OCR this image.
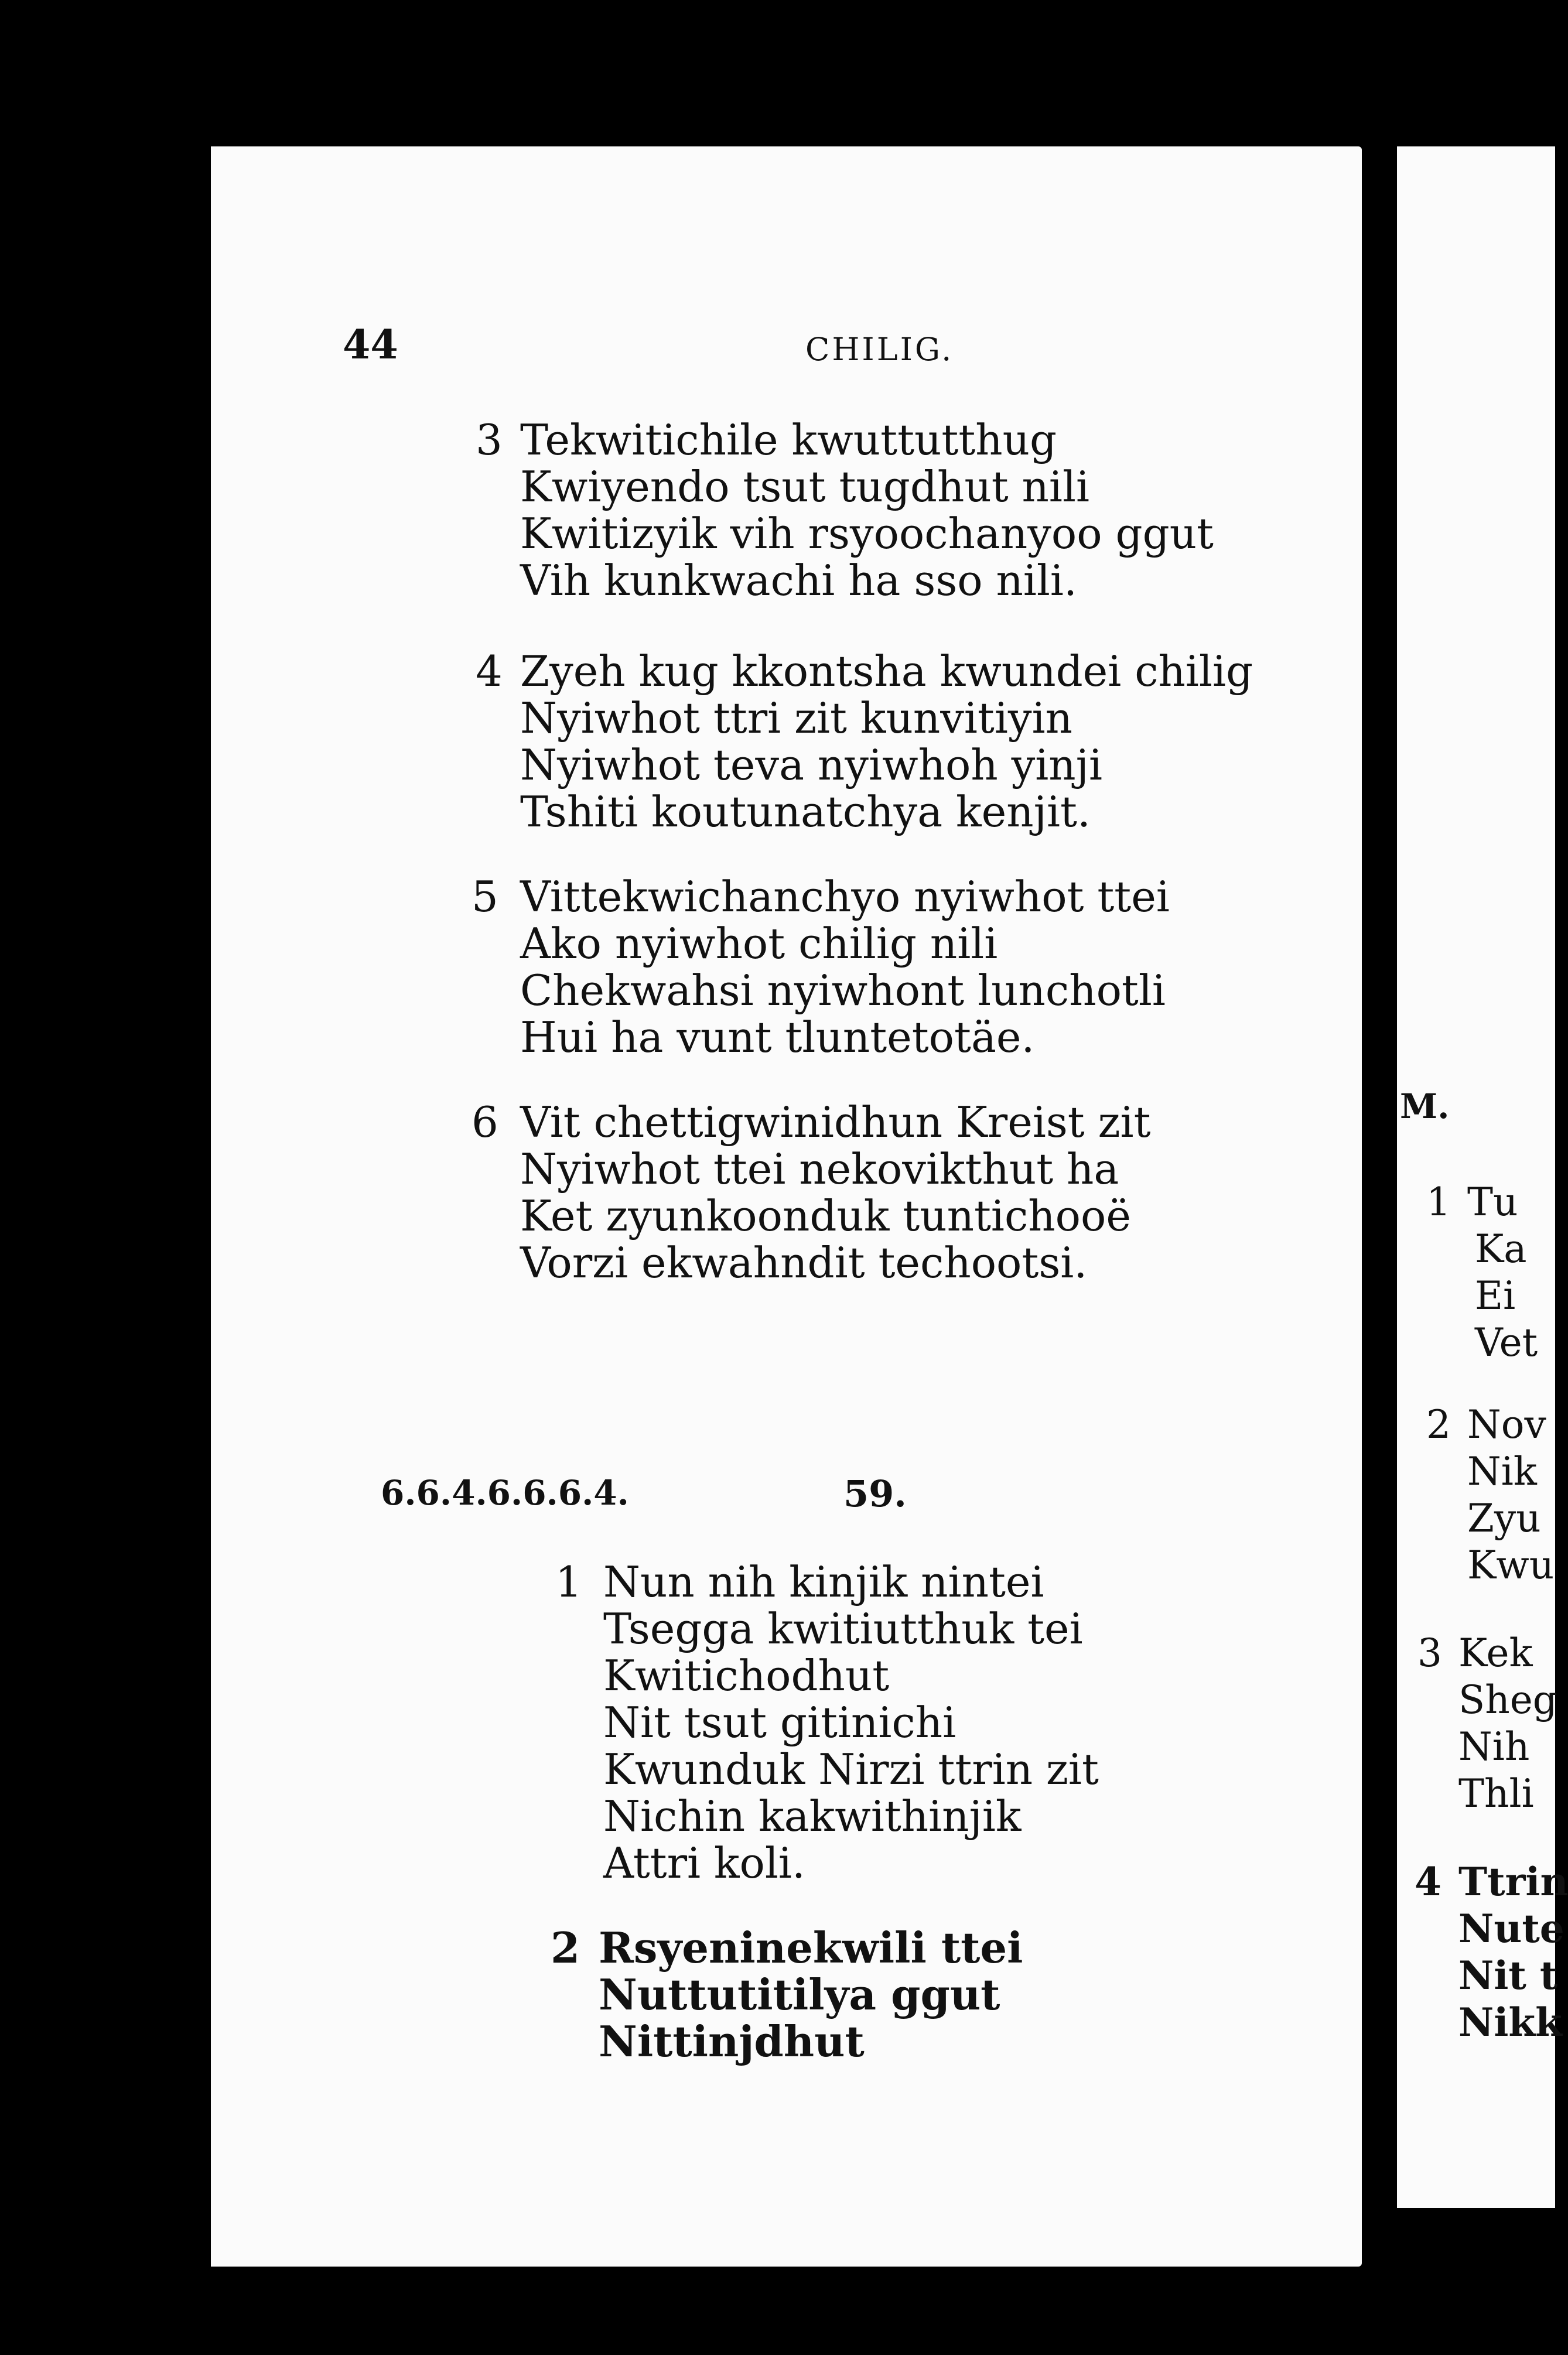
44	CHILIG.
3 Tekwitichile kwuttutthug
Kwiyendo tsut tugdhut nili
Kwitizyik vih rsyoochanyoo ggut
Vih kunkwachi ha sso nili.
4 Zyeh kug kkontsha kwundei chilig
Nyiwhot ttri zit kunvitiyin
Nyiwhot teva nyiwhoh yinji
Tshiti koutunatchya kenjit.
5 Vittekwichanchyo nyiwhot ttei
Ako nyiwhot chilig nili
Chekwahsi nyiwhont lunchotli
Hui ha vunt tluntetotäe.
6 Vit chettigwinidhun Kreist zit
Nyiwhot ttei nekovikthut ha
Ket zyunkoonduk tuntichooë
Vorzi ekwahndit techootsi.
6.6.4.6.6.6.4.	59.
1 Nun nih kinjik nintei
Tsegga kwitiutthuk tei
Kwitichodhut
Nit tsut gitinichi
Kwunduk Nirzi ttrin zit
Nichin kakwithinjik
Attri koli.
2 Rsyeninekwili ttei
Nuttutitilya ggut
Nittinjdhut
M.
1 Tu
Ka
Ei
Vet
2 Nov
Nik
Zyu
Kwu
3 Kek
Sheg
Nih
Thli
4 Ttrin
Nute
Nit t
Nikk
